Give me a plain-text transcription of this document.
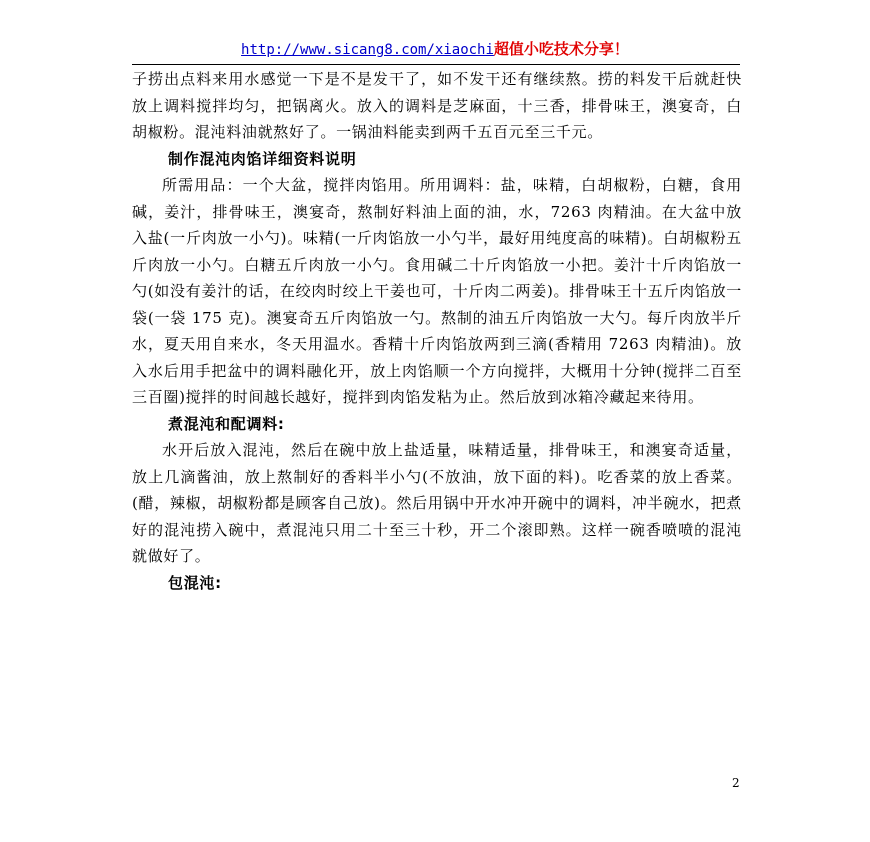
http://www.sicang8.com/xiaochi超值小吃技术分享！

子捞出点料来用水感觉一下是不是发干了，如不发干还有继续熬。捞的料发干后就赶快放上调料搅拌均匀，把锅离火。放入的调料是芝麻面，十三香，排骨味王，澳宴奇，白胡椒粉。混沌料油就熬好了。一锅油料能卖到两千五百元至三千元。

制作混沌肉馅详细资料说明

所需用品：一个大盆，搅拌肉馅用。所用调料：盐，味精，白胡椒粉，白糖，食用碱，姜汁，排骨味王，澳宴奇，熬制好料油上面的油，水，7263 肉精油。在大盆中放入盐(一斤肉放一小勺)。味精(一斤肉馅放一小勺半，最好用纯度高的味精)。白胡椒粉五斤肉放一小勺。白糖五斤肉放一小勺。食用碱二十斤肉馅放一小把。姜汁十斤肉馅放一勺(如没有姜汁的话，在绞肉时绞上干姜也可，十斤肉二两姜)。排骨味王十五斤肉馅放一袋(一袋 175 克)。澳宴奇五斤肉馅放一勺。熬制的油五斤肉馅放一大勺。每斤肉放半斤水，夏天用自来水，冬天用温水。香精十斤肉馅放两到三滴(香精用 7263 肉精油)。放入水后用手把盆中的调料融化开，放上肉馅顺一个方向搅拌，大概用十分钟(搅拌二百至三百圈)搅拌的时间越长越好，搅拌到肉馅发粘为止。然后放到冰箱冷藏起来待用。

煮混沌和配调料:

水开后放入混沌，然后在碗中放上盐适量，味精适量，排骨味王，和澳宴奇适量，放上几滴酱油，放上熬制好的香料半小勺(不放油，放下面的料)。吃香菜的放上香菜。(醋，辣椒，胡椒粉都是顾客自己放)。然后用锅中开水冲开碗中的调料，冲半碗水，把煮好的混沌捞入碗中，煮混沌只用二十至三十秒，开二个滚即熟。这样一碗香喷喷的混沌就做好了。

包混沌:

2
